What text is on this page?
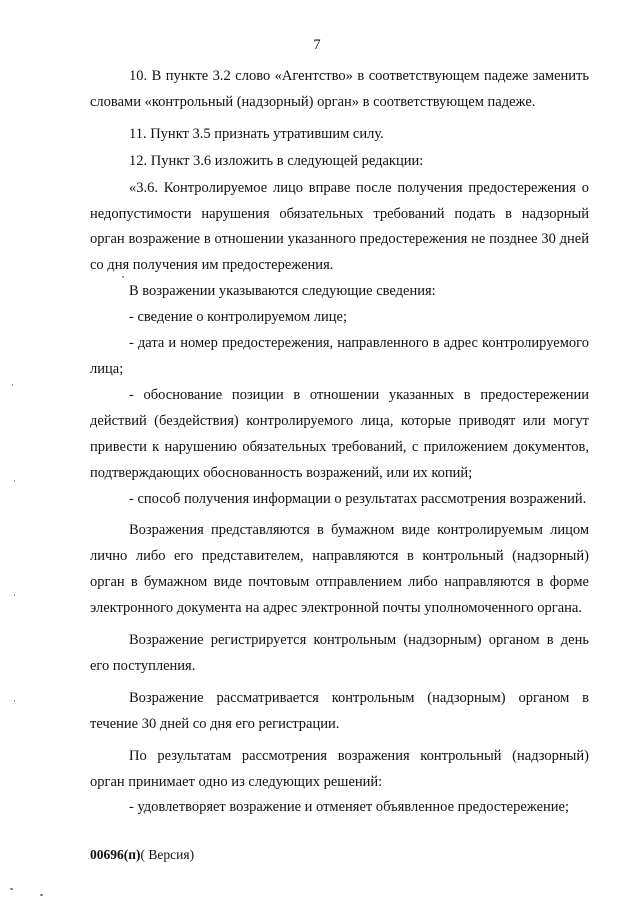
7

10. В пункте 3.2 слово «Агентство» в соответствующем падеже заменить словами «контрольный (надзорный) орган» в соответствующем падеже.

11. Пункт 3.5 признать утратившим силу.

12. Пункт 3.6 изложить в следующей редакции:

«3.6. Контролируемое лицо вправе после получения предостережения о недопустимости нарушения обязательных требований подать в надзорный орган возражение в отношении указанного предостережения не позднее 30 дней со дня получения им предостережения.

В возражении указываются следующие сведения:

- сведение о контролируемом лице;

- дата и номер предостережения, направленного в адрес контролируемого лица;

- обоснование позиции в отношении указанных в предостережении действий (бездействия) контролируемого лица, которые приводят или могут привести к нарушению обязательных требований, с приложением документов, подтверждающих обоснованность возражений, или их копий;

- способ получения информации о результатах рассмотрения возражений.

Возражения представляются в бумажном виде контролируемым лицом лично либо его представителем, направляются в контрольный (надзорный) орган в бумажном виде почтовым отправлением либо направляются в форме электронного документа на адрес электронной почты уполномоченного органа.

Возражение регистрируется контрольным (надзорным) органом в день его поступления.

Возражение рассматривается контрольным (надзорным) органом в течение 30 дней со дня его регистрации.

По результатам рассмотрения возражения контрольный (надзорный) орган принимает одно из следующих решений:

- удовлетворяет возражение и отменяет объявленное предостережение;

00696(п)( Версия)
